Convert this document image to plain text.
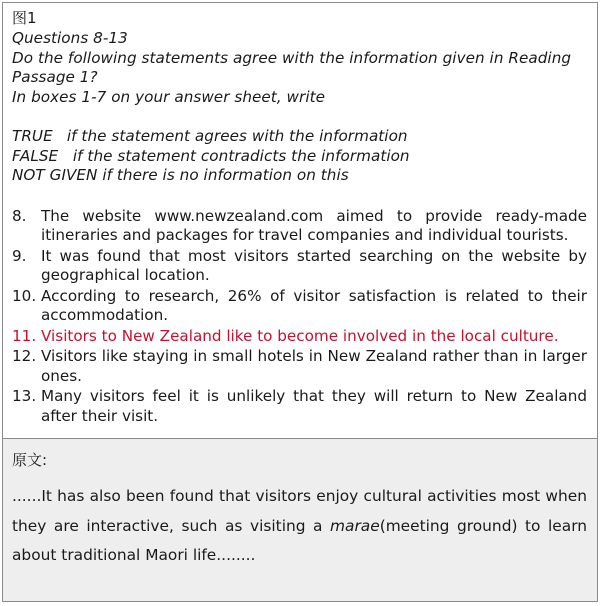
图1
Questions 8-13
Do the following statements agree with the information given in Reading
Passage 1?
In boxes 1-7 on your answer sheet, write
TRUE if the statement agrees with the information
FALSE if the statement contradicts the information
NOT GIVEN if there is no information on this
8. The website www.newzealand.com aimed to provide ready-made itineraries and packages for travel companies and individual tourists.
9. It was found that most visitors started searching on the website by geographical location.
10. According to research, 26% of visitor satisfaction is related to their accommodation.
11. Visitors to New Zealand like to become involved in the local culture.
12. Visitors like staying in small hotels in New Zealand rather than in larger ones.
13. Many visitors feel it is unlikely that they will return to New Zealand after their visit.
原文:
......It has also been found that visitors enjoy cultural activities most when they are interactive, such as visiting a marae(meeting ground) to learn about traditional Maori life........
